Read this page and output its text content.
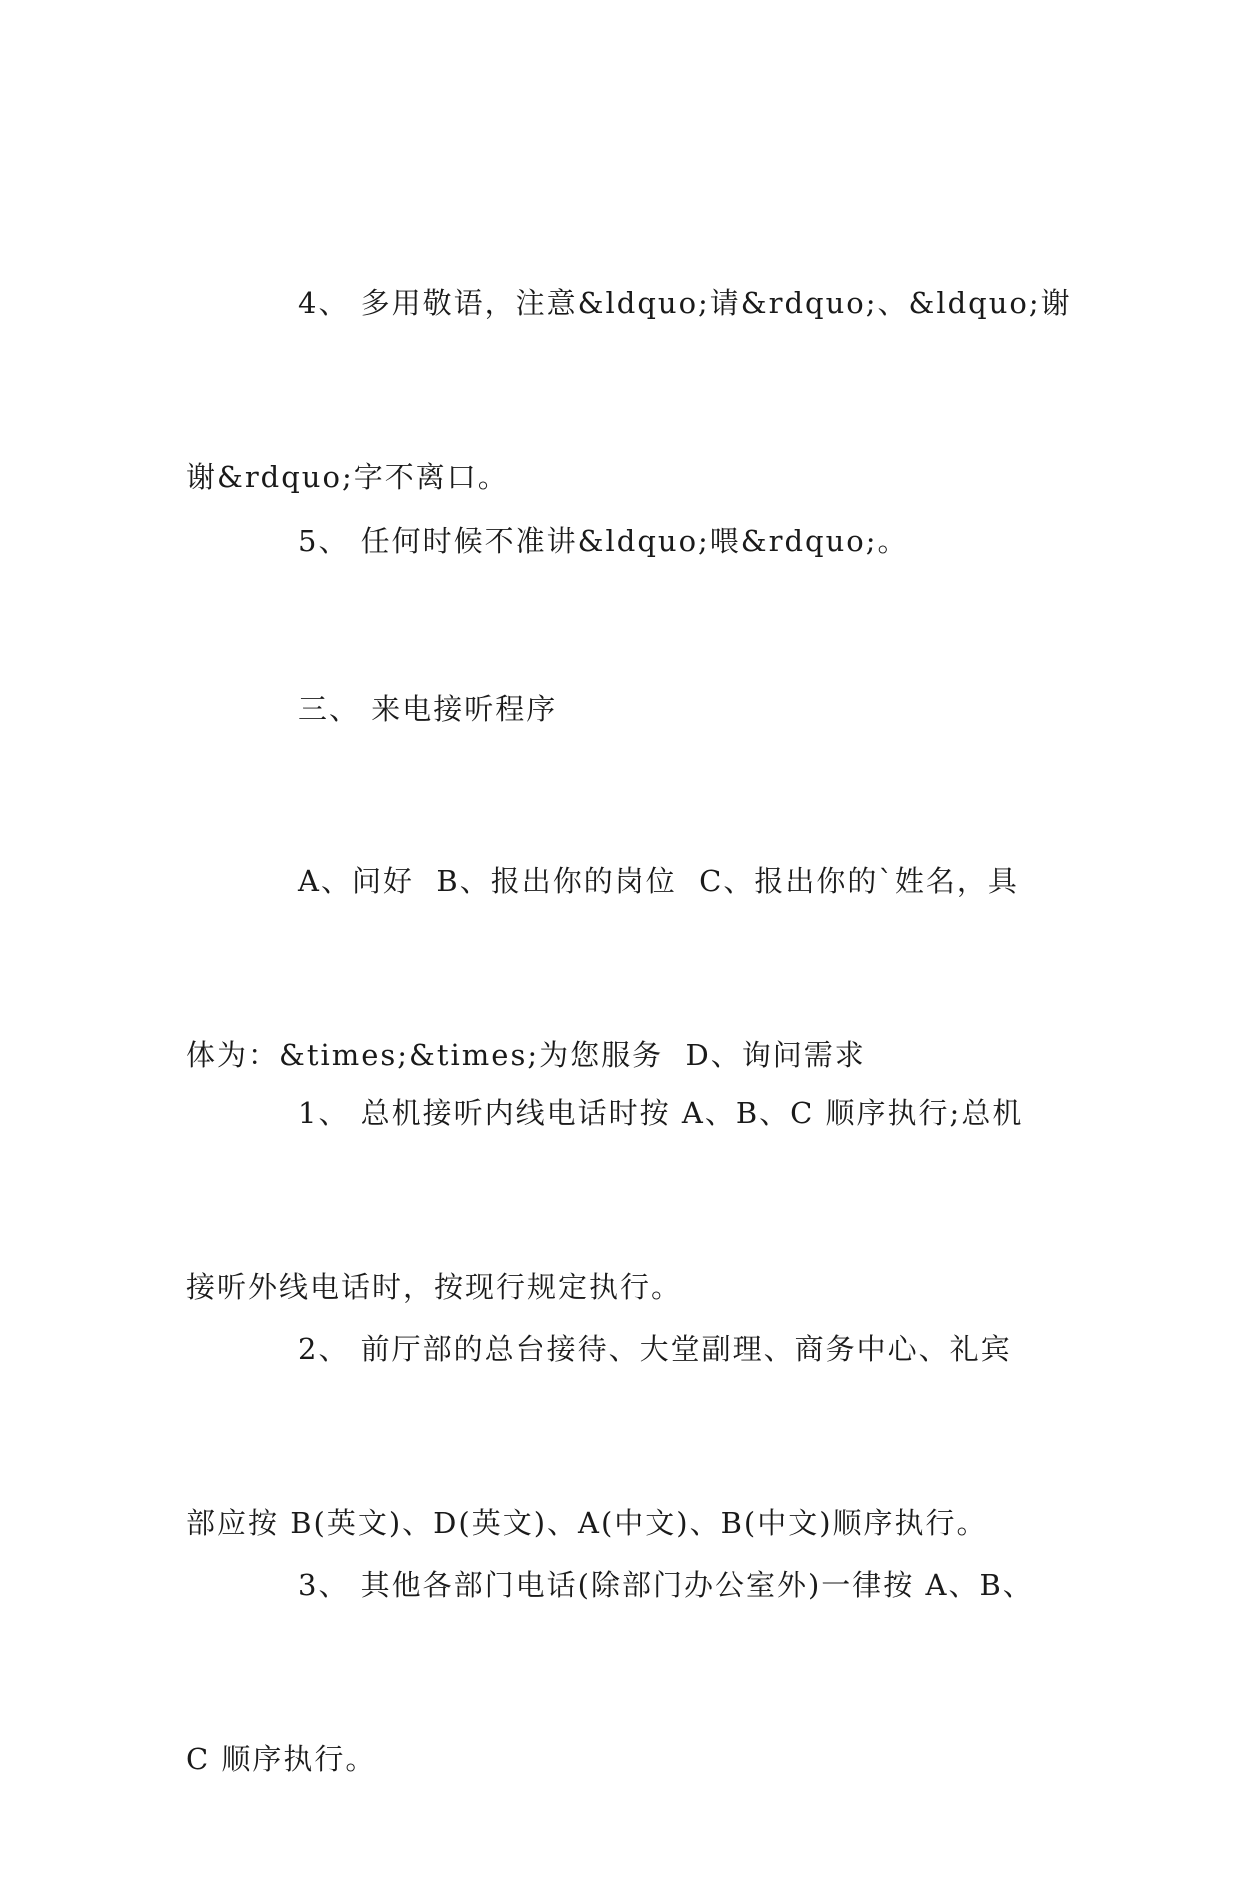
4、 多用敬语，注意&ldquo;请&rdquo;、&ldquo;谢

谢&rdquo;字不离口。

5、 任何时候不准讲&ldquo;喂&rdquo;。

三、 来电接听程序

A、问好  B、报出你的岗位  C、报出你的`姓名，具

体为：&times;&times;为您服务  D、询问需求

1、 总机接听内线电话时按 A、B、C 顺序执行;总机

接听外线电话时，按现行规定执行。

2、 前厅部的总台接待、大堂副理、商务中心、礼宾

部应按 B(英文)、D(英文)、A(中文)、B(中文)顺序执行。

3、 其他各部门电话(除部门办公室外)一律按 A、B、

C 顺序执行。
